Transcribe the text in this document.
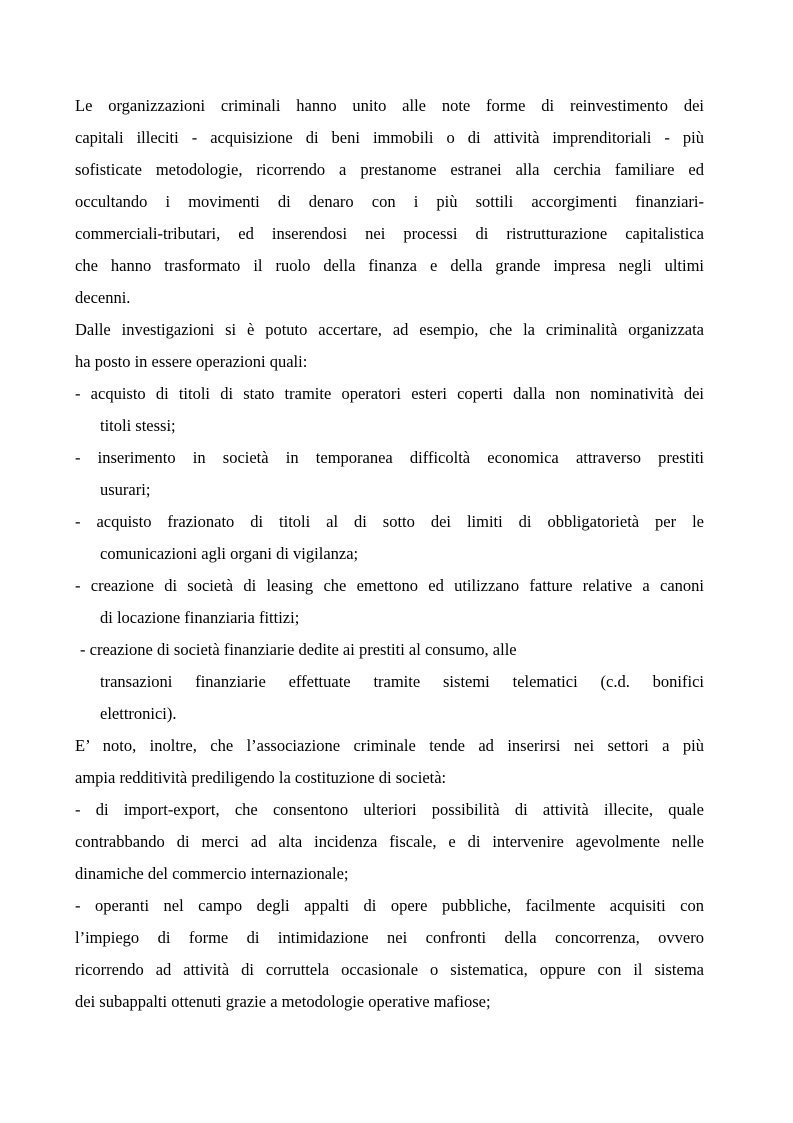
Le organizzazioni criminali hanno unito alle note forme di reinvestimento dei
capitali illeciti - acquisizione di beni immobili o di attività imprenditoriali - più
sofisticate metodologie, ricorrendo a prestanome estranei alla cerchia familiare ed
occultando i movimenti di denaro con i più sottili accorgimenti finanziari-
commerciali-tributari, ed inserendosi nei processi di ristrutturazione capitalistica
che hanno trasformato il ruolo della finanza e della grande impresa negli ultimi
decenni.
Dalle investigazioni si è potuto accertare, ad esempio, che la criminalità organizzata
ha posto in essere operazioni quali:
- acquisto di titoli di stato tramite operatori esteri coperti dalla non nominatività dei
titoli stessi;
- inserimento in società in temporanea difficoltà economica attraverso prestiti
usurari;
- acquisto frazionato di titoli al di sotto dei limiti di obbligatorietà per le
comunicazioni agli organi di vigilanza;
- creazione di società di leasing che emettono ed utilizzano fatture relative a canoni
di locazione finanziaria fittizi;
- creazione di società finanziarie dedite ai prestiti al consumo, alle
transazioni finanziarie effettuate tramite sistemi telematici (c.d. bonifici
elettronici).
E’ noto, inoltre, che l’associazione criminale tende ad inserirsi nei settori a più
ampia redditività prediligendo la costituzione di società:
- di import-export, che consentono ulteriori possibilità di attività illecite, quale
contrabbando di merci ad alta incidenza fiscale, e di intervenire agevolmente nelle
dinamiche del commercio internazionale;
- operanti nel campo degli appalti di opere pubbliche, facilmente acquisiti con
l’impiego di forme di intimidazione nei confronti della concorrenza, ovvero
ricorrendo ad attività di corruttela occasionale o sistematica, oppure con il sistema
dei subappalti ottenuti grazie a metodologie operative mafiose;
